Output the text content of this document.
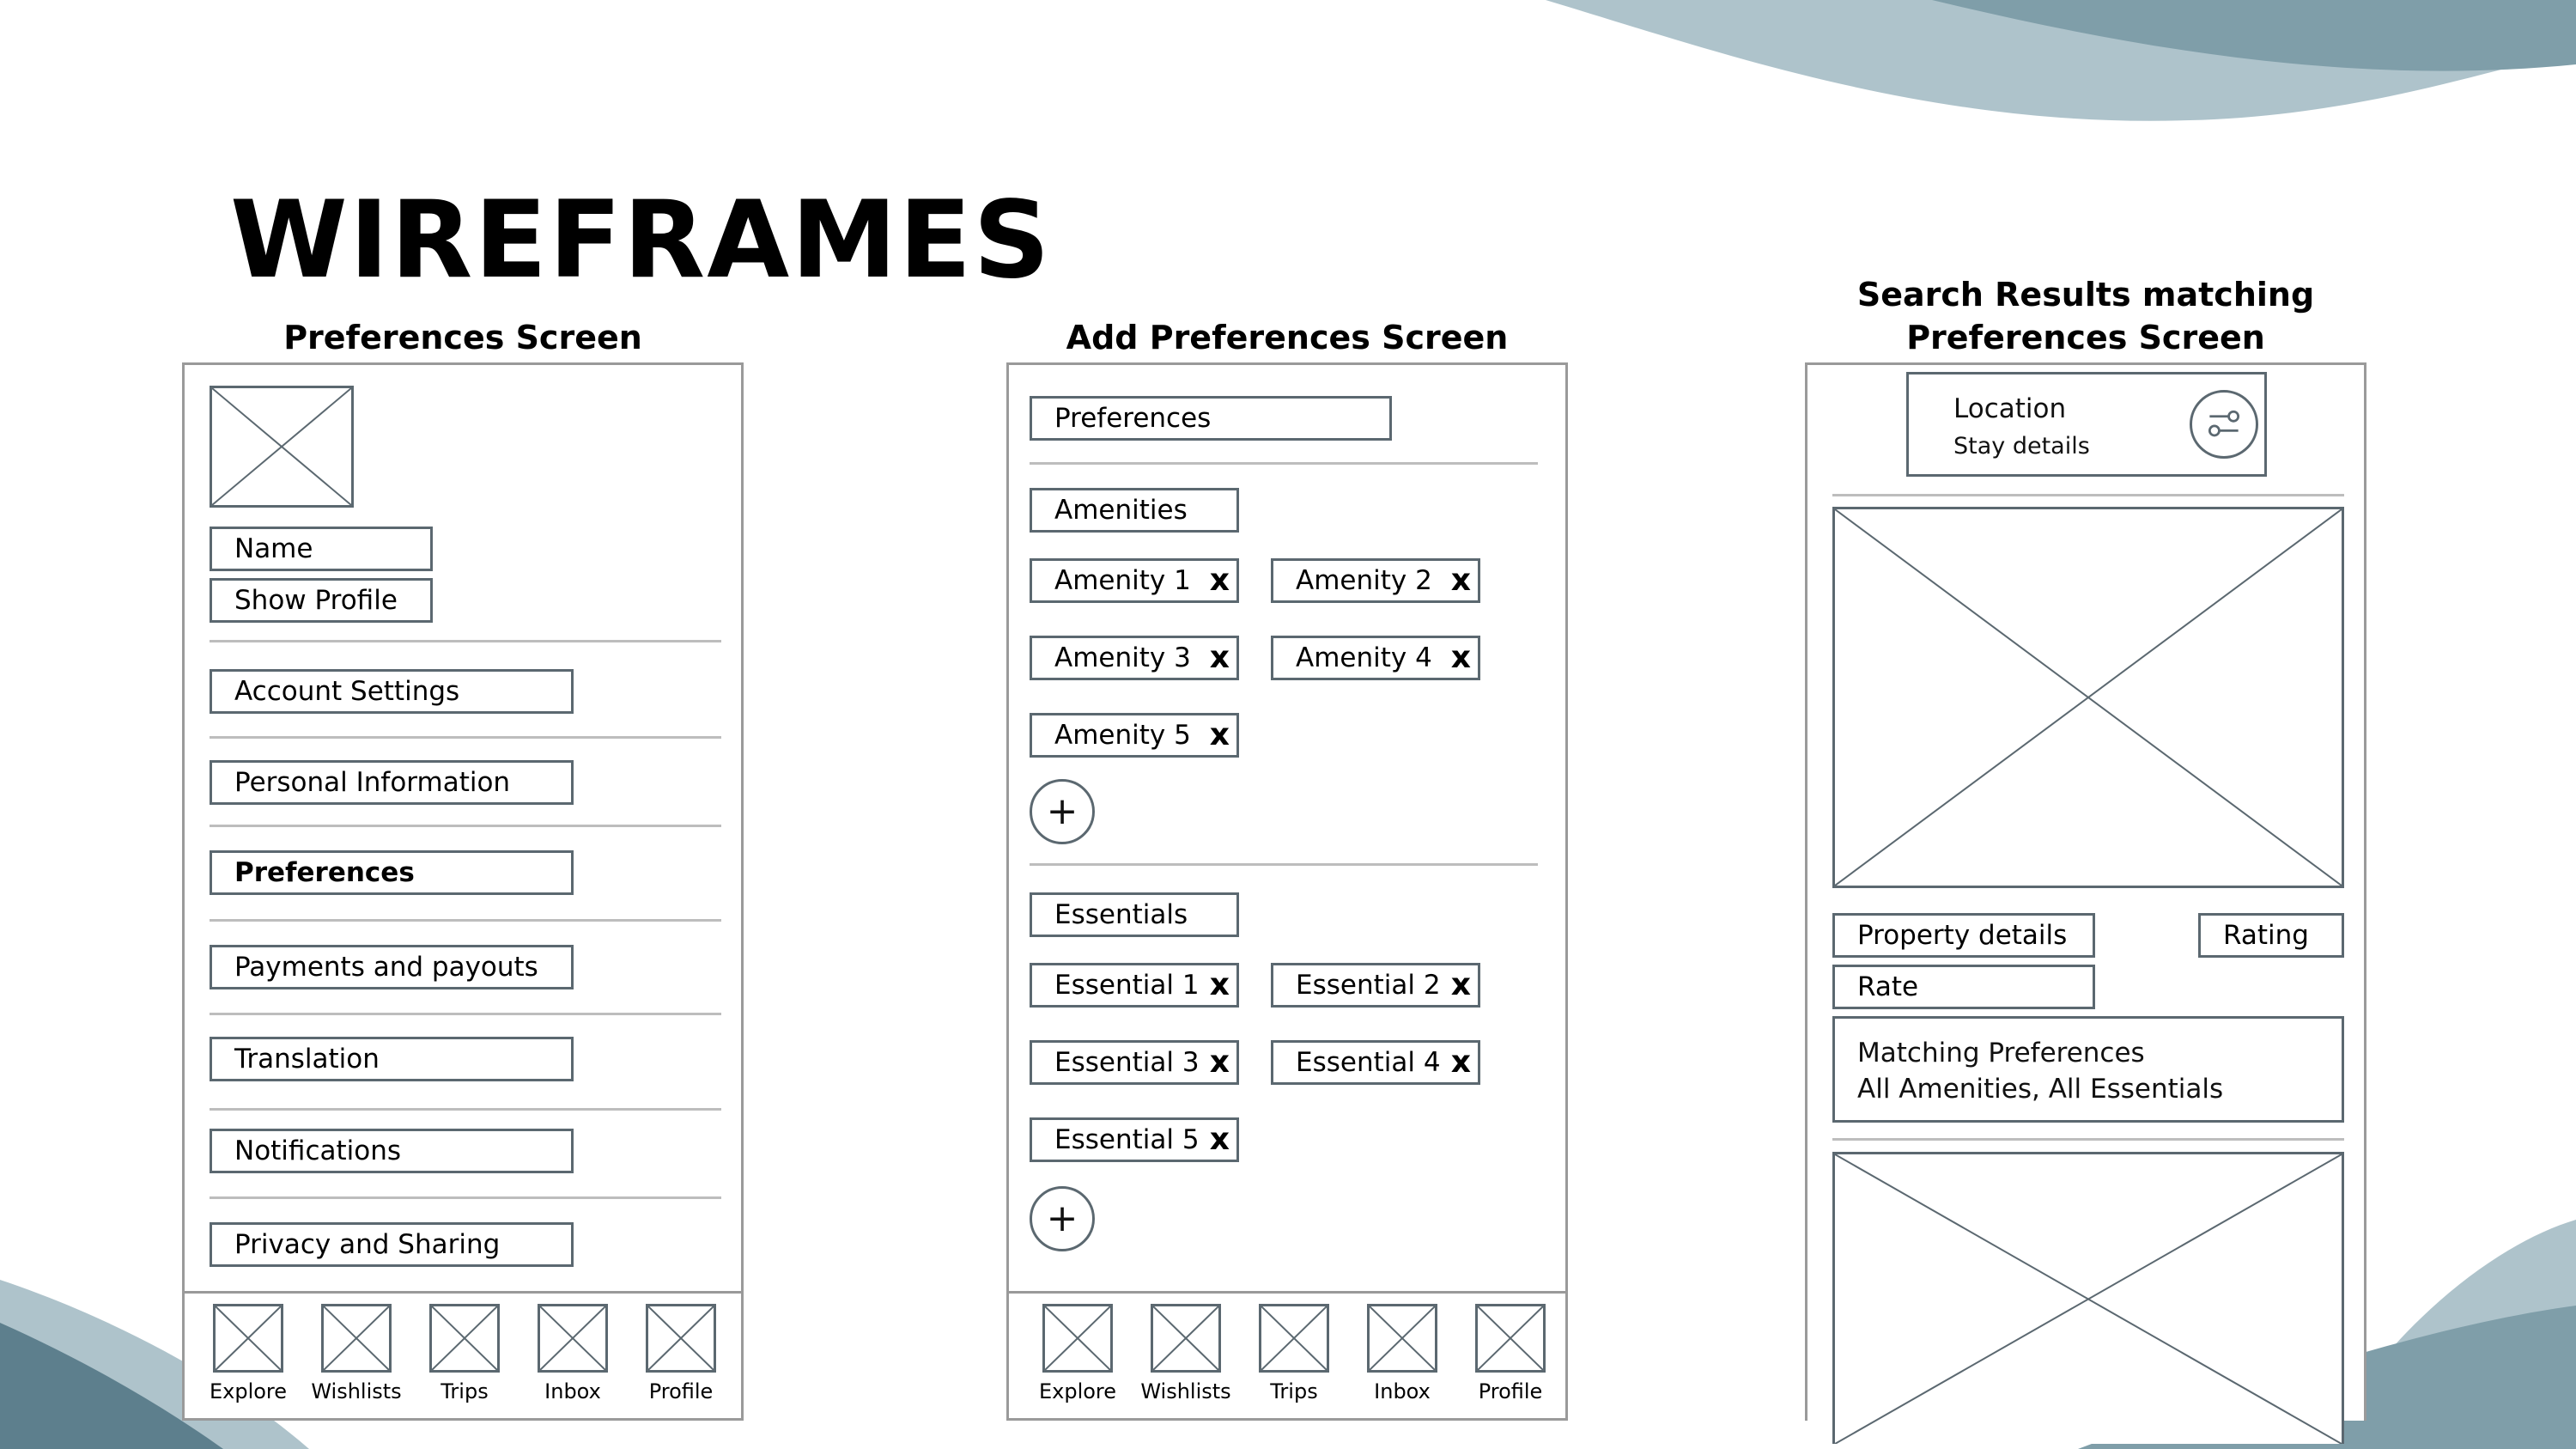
WIREFRAMES
Preferences Screen
Name
Show Profile
Account Settings
Personal Information
Preferences
Payments and payouts
Translation
Notifications
Privacy and Sharing
Explore	Wishlists	Trips	Inbox	Profile
Add Preferences Screen
Preferences
Amenities
Amenity 1 x Amenity 2 x
Amenity 3 x Amenity 4 x
Amenity 5 x
+
Essentials
Essential 1 x Essential 2 x
Essential 3 x Essential 4 x
Essential 5 x
+
Explore	Wishlists	Trips	Inbox	Profile
Search Results matching
Preferences Screen
Location
Stay details
Property details	Rating
Rate
Matching Preferences
All Amenities, All Essentials
